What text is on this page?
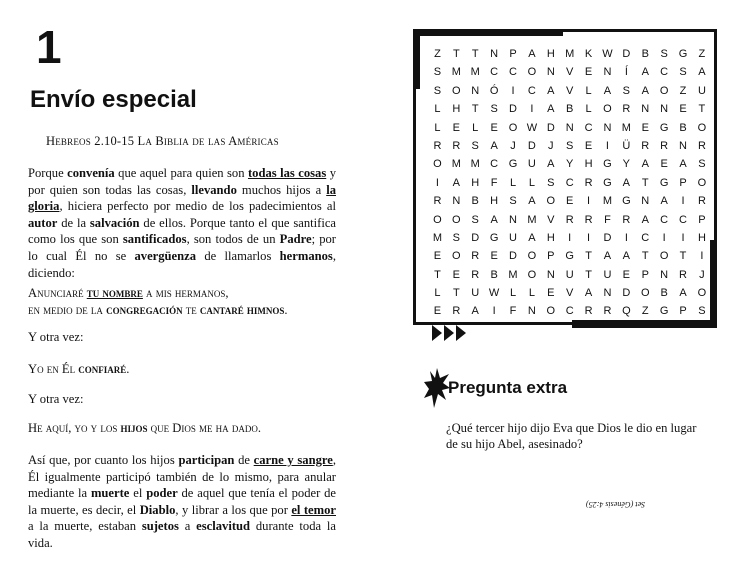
1
Envío especial
Hebreos 2.10-15 La Biblia de las Américas
Porque convenía que aquel para quien son todas las cosas y por quien son todas las cosas, llevando muchos hijos a la gloria, hiciera perfecto por medio de los padecimientos al autor de la salvación de ellos. Porque tanto el que santifica como los que son santificados, son todos de un Padre; por lo cual Él no se avergüenza de llamarlos hermanos, diciendo:
Anunciaré tu nombre a mis hermanos,
en medio de la congregación te cantaré himnos.
Y otra vez:
Yo en Él confiaré.
Y otra vez:
He aquí, yo y los hijos que Dios me ha dado.
Así que, por cuanto los hijos participan de carne y sangre, Él igualmente participó también de lo mismo, para anular mediante la muerte el poder de aquel que tenía el poder de la muerte, es decir, el Diablo, y librar a los que por el temor a la muerte, estaban sujetos a esclavitud durante toda la vida.
Z	T	T	N	P	A	H M K W D	B	S G	Z
S M M C C O N	V	E	N	Í	A	C	S	A
S O N Ó	I	C	A	V	L	A	S	A O	Z	U
L	H	T	S	D	I	A	B	L	O R N N	E	T
L	E	L	E O W D N C N M E G B O
R R	S	A	J	D	J	S	E	I	Ü R R N R
O M M C G U	A	Y	H G Y	A	E	A	S
I	A	H	F	L	L	S	C R G A	T	G P O
R N	B	H	S	A O E	I	M G N	A	I	R
O O S	A	N M V	R R	F	R	A	C C	P
M S	D G U	A	H	I	I	D	I	C	I	I	H
E O R	E	D O P G	T	A	A	T	O	T	I
T	E	R	B M O N U	T	U	E	P	N R	J
L	T	U W L	L	E	V	A	N D O B	A O
E	R	A	I	F	N O C R R Q	Z	G P	S
Pregunta extra
¿Qué tercer hijo dijo Eva que Dios le dio en lugar de su hijo Abel, asesinado?
Set (Génesis 4:25)
